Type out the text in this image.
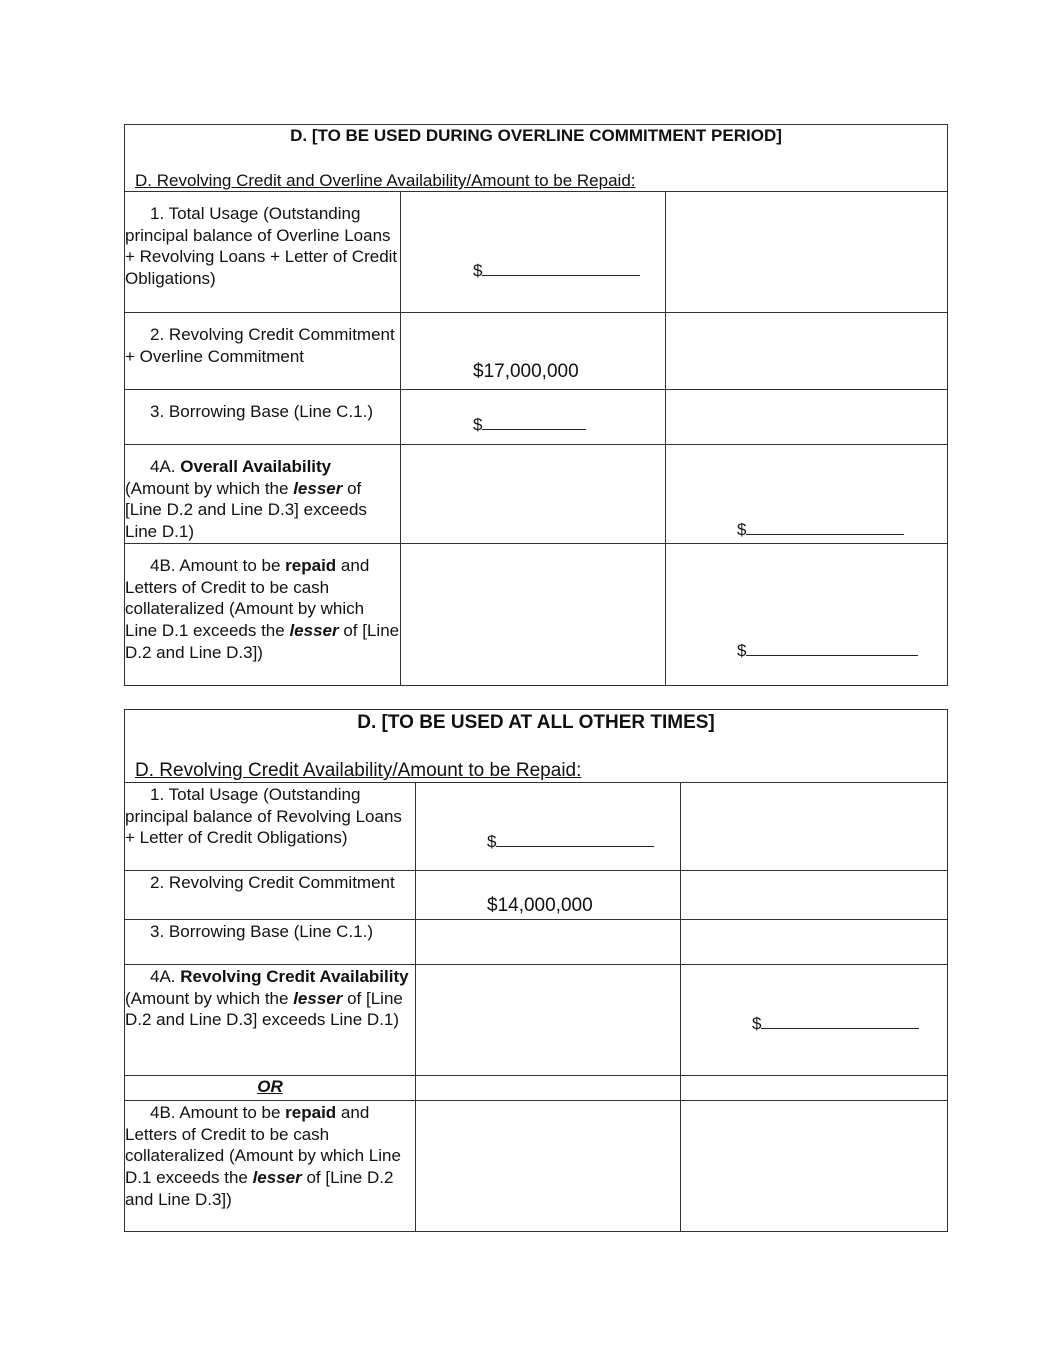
D. [TO BE USED DURING OVERLINE COMMITMENT PERIOD]
D. Revolving Credit and Overline Availability/Amount to be Repaid:		

1. Total Usage (Outstanding principal balance of Overline Loans + Revolving Loans + Letter of Credit Obligations)	$	

2. Revolving Credit Commitment + Overline Commitment	$17,000,000	

3. Borrowing Base (Line C.1.)	$	

4A. Overall Availability (Amount by which the lesser of [Line D.2 and Line D.3] exceeds Line D.1)		$

4B. Amount to be repaid and Letters of Credit to be cash collateralized (Amount by which Line D.1 exceeds the lesser of [Line D.2 and Line D.3])		$
D. [TO BE USED AT ALL OTHER TIMES]
D. Revolving Credit Availability/Amount to be Repaid:		

1. Total Usage (Outstanding principal balance of Revolving Loans + Letter of Credit Obligations)	$	

2. Revolving Credit Commitment	$14,000,000	

3. Borrowing Base (Line C.1.)		
4A. Revolving Credit Availability (Amount by which the lesser of [Line D.2 and Line D.3] exceeds Line D.1)		$

OR		
4B. Amount to be repaid and Letters of Credit to be cash collateralized (Amount by which Line D.1 exceeds the lesser of [Line D.2 and Line D.3])		
